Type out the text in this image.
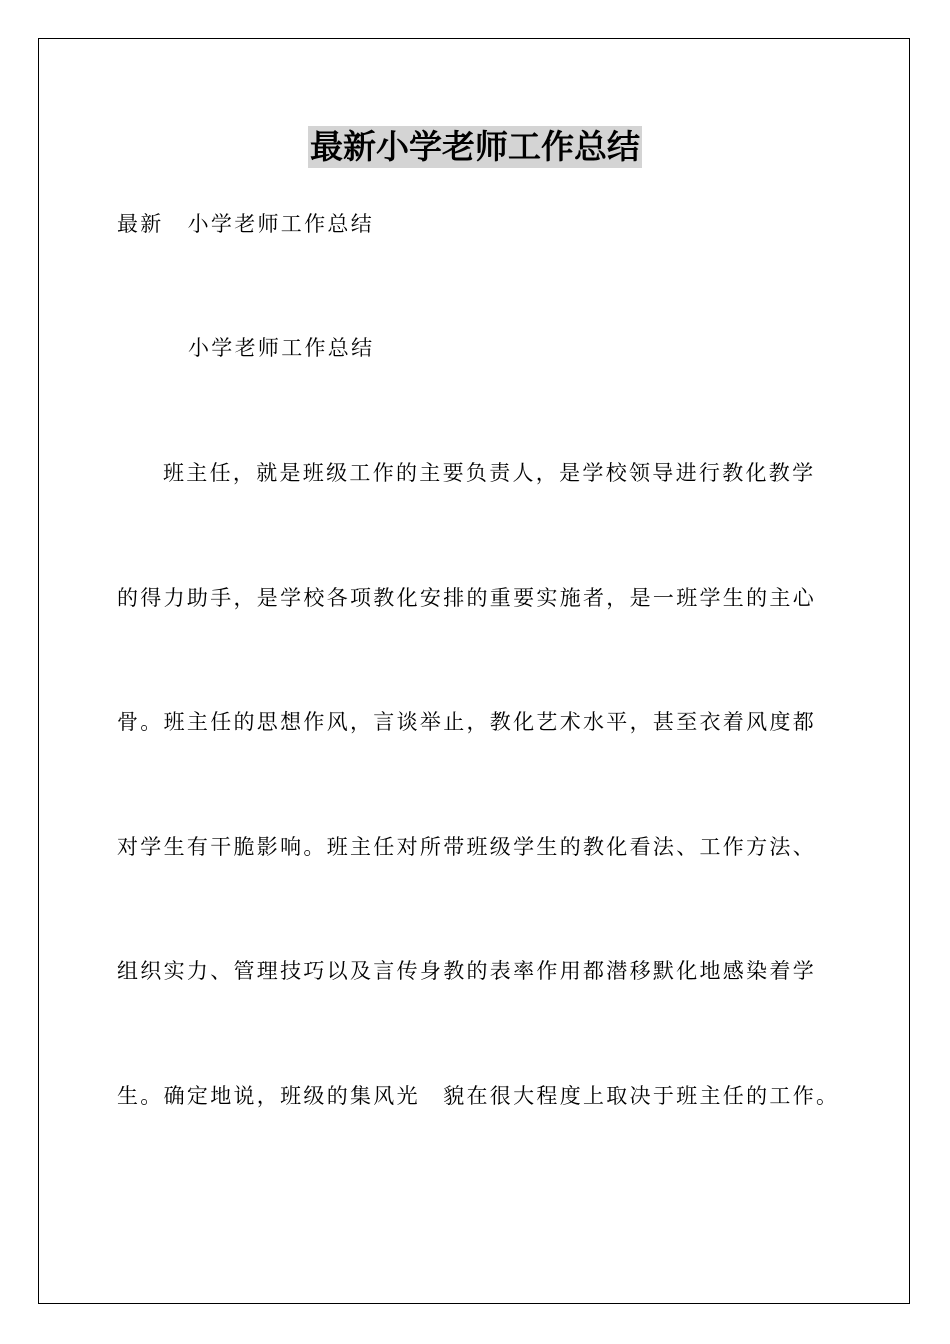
最新小学老师工作总结
最新 小学老师工作总结
小学老师工作总结
班主任，就是班级工作的主要负责人，是学校领导进行教化教学
的得力助手，是学校各项教化安排的重要实施者，是一班学生的主心
骨。班主任的思想作风，言谈举止，教化艺术水平，甚至衣着风度都
对学生有干脆影响。班主任对所带班级学生的教化看法、工作方法、
组织实力、管理技巧以及言传身教的表率作用都潜移默化地感染着学
生。确定地说，班级的集风光　貌在很大程度上取决于班主任的工作。
